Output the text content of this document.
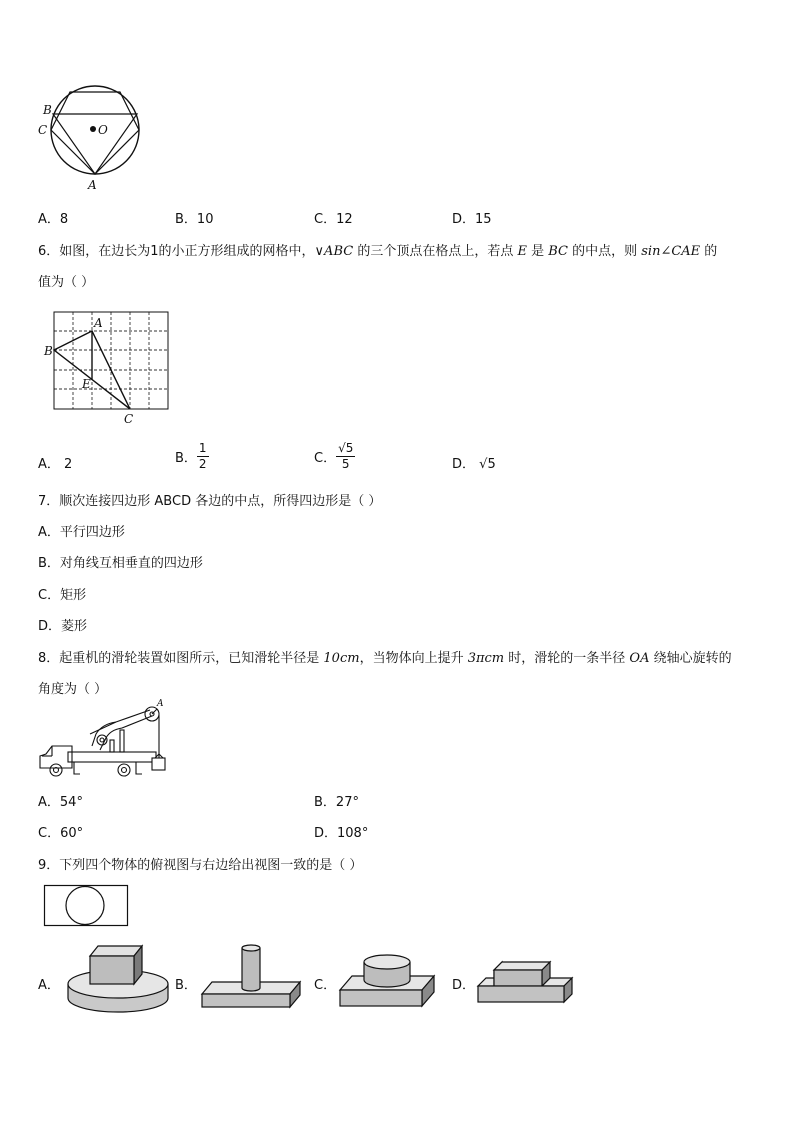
B
C	O
A
A．8	B．10	C．12	D．15
6．如图，在边长为1的小正方形组成的网格中，∨ABC 的三个顶点在格点上，若点 E 是 BC 的中点，则 sin∠CAE 的
值为（ ）
A
B
E
C
A． 2	B． $\frac{1}{2}$	C． $\frac{√5}{5}$	D． √5
7．顺次连接四边形 ABCD 各边的中点，所得四边形是（ ）
A．平行四边形
B．对角线互相垂直的四边形
C．矩形
D．菱形
8．起重机的滑轮装置如图所示，已知滑轮半径是 10cm，当物体向上提升 3πcm 时，滑轮的一条半径 OA 绕轴心旋转的
角度为（ ）
A
A．54°	B．27°
C．60°	D．108°
9．下列四个物体的俯视图与右边给出视图一致的是（ ）
A．	B．	C．	D．
